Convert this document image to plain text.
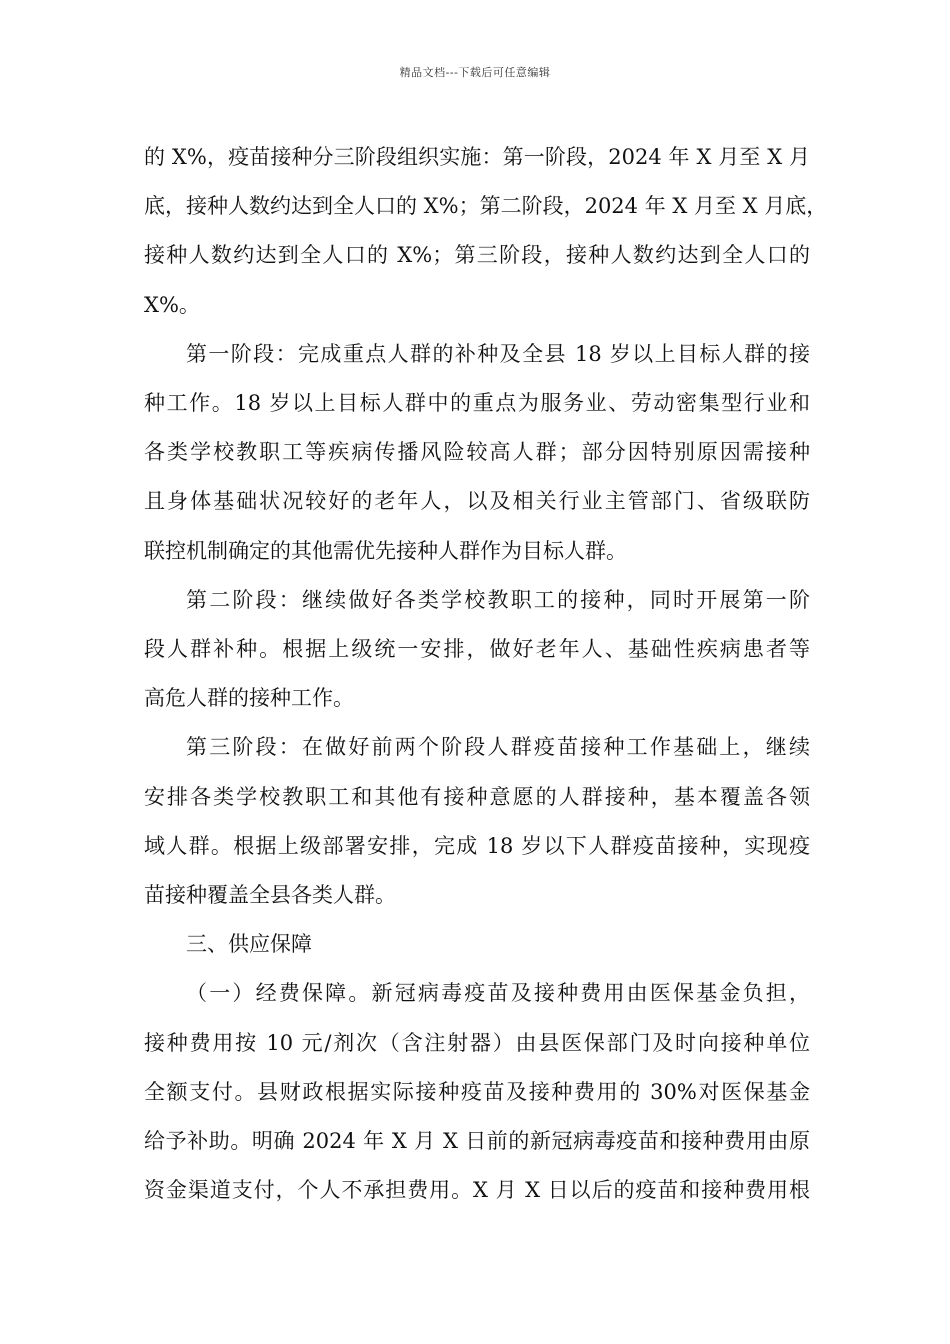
精品文档---下载后可任意编辑

的 X%，疫苗接种分三阶段组织实施：第一阶段，2024 年 X 月至 X 月
底，接种人数约达到全人口的 X%；第二阶段，2024 年 X 月至 X 月底，
接种人数约达到全人口的 X%；第三阶段，接种人数约达到全人口的
X%。

第一阶段：完成重点人群的补种及全县 18 岁以上目标人群的接
种工作。18 岁以上目标人群中的重点为服务业、劳动密集型行业和
各类学校教职工等疾病传播风险较高人群；部分因特别原因需接种
且身体基础状况较好的老年人，以及相关行业主管部门、省级联防
联控机制确定的其他需优先接种人群作为目标人群。

第二阶段：继续做好各类学校教职工的接种，同时开展第一阶
段人群补种。根据上级统一安排，做好老年人、基础性疾病患者等
高危人群的接种工作。

第三阶段：在做好前两个阶段人群疫苗接种工作基础上，继续
安排各类学校教职工和其他有接种意愿的人群接种，基本覆盖各领
域人群。根据上级部署安排，完成 18 岁以下人群疫苗接种，实现疫
苗接种覆盖全县各类人群。

三、供应保障

（一）经费保障。新冠病毒疫苗及接种费用由医保基金负担，
接种费用按 10 元/剂次（含注射器）由县医保部门及时向接种单位
全额支付。县财政根据实际接种疫苗及接种费用的 30%对医保基金
给予补助。明确 2024 年 X 月 X 日前的新冠病毒疫苗和接种费用由原
资金渠道支付，个人不承担费用。X 月 X 日以后的疫苗和接种费用根
